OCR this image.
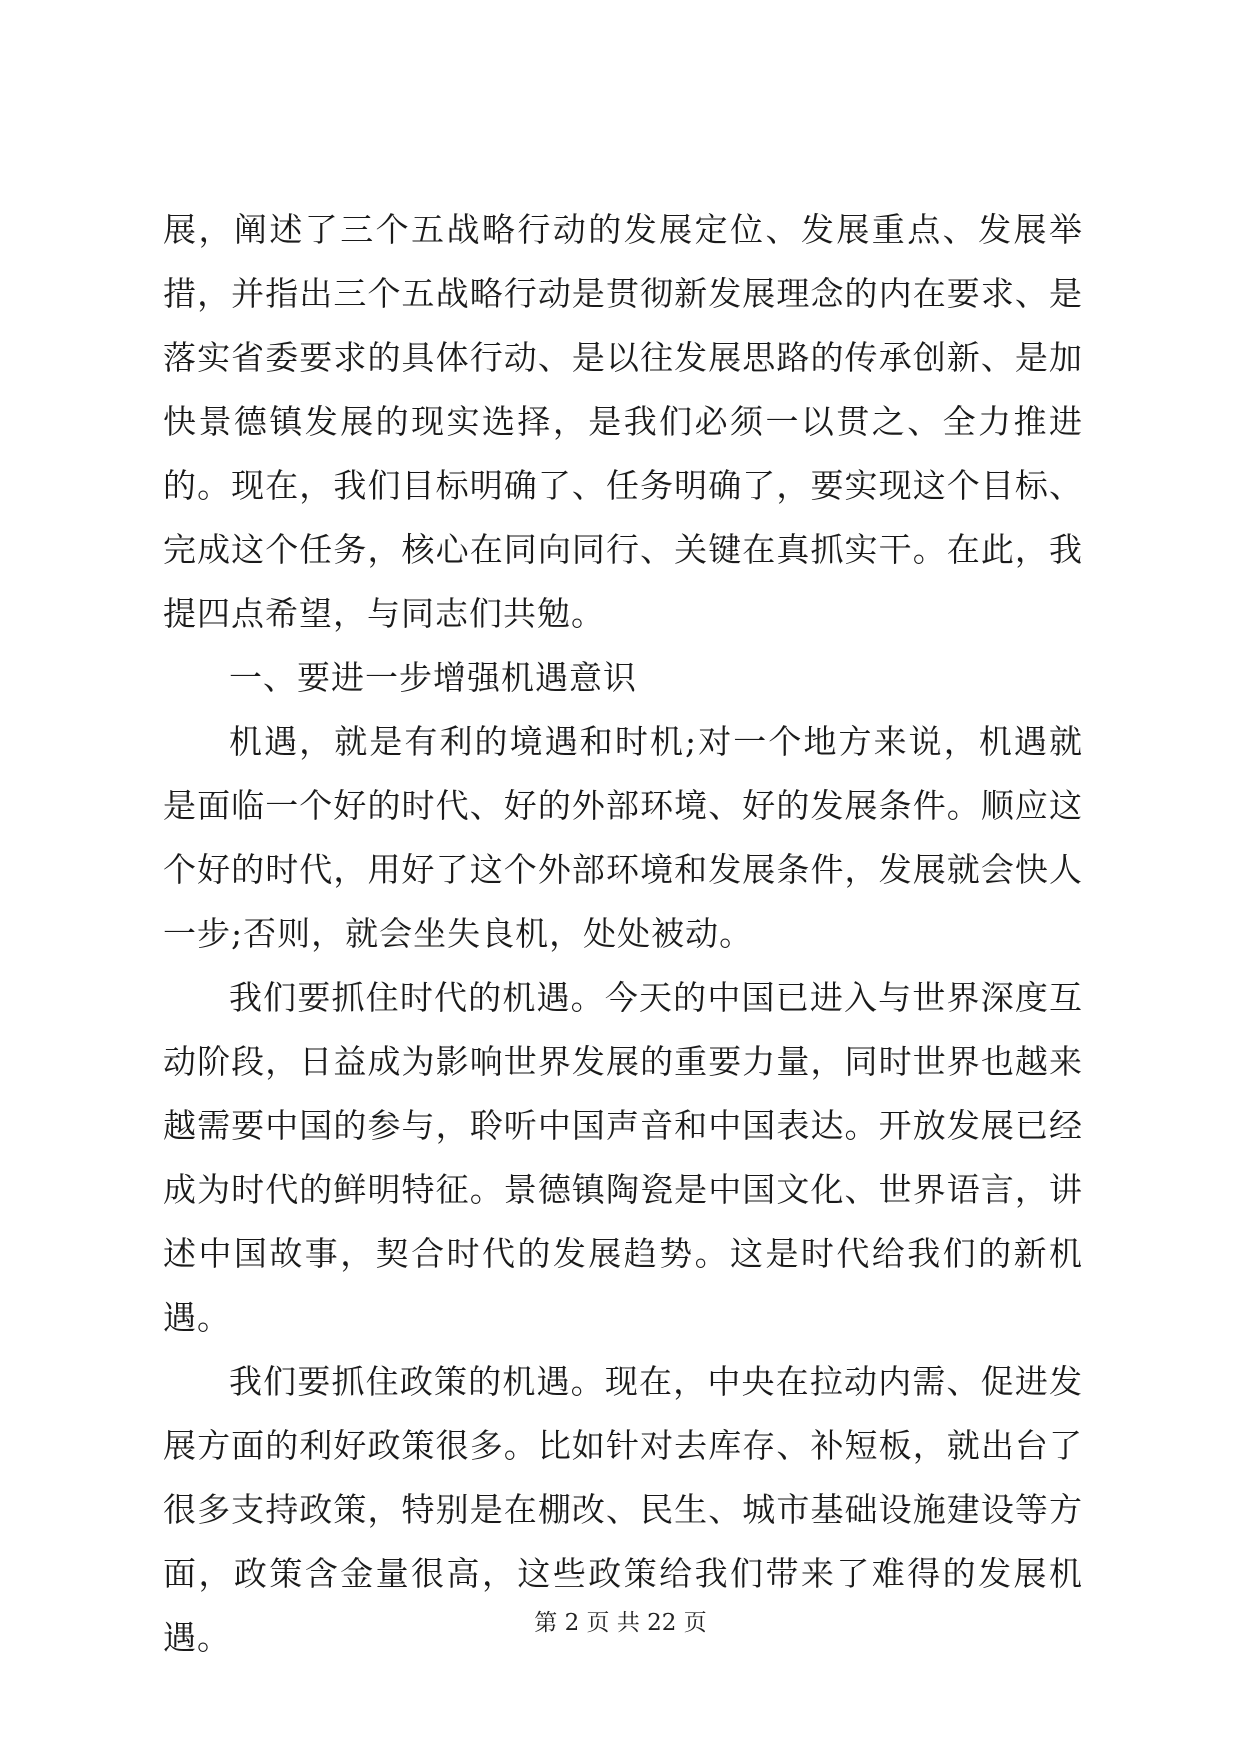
展，阐述了三个五战略行动的发展定位、发展重点、发展举措，并指出三个五战略行动是贯彻新发展理念的内在要求、是落实省委要求的具体行动、是以往发展思路的传承创新、是加快景德镇发展的现实选择，是我们必须一以贯之、全力推进的。现在，我们目标明确了、任务明确了，要实现这个目标、完成这个任务，核心在同向同行、关键在真抓实干。在此，我提四点希望，与同志们共勉。

一、要进一步增强机遇意识

机遇，就是有利的境遇和时机;对一个地方来说，机遇就是面临一个好的时代、好的外部环境、好的发展条件。顺应这个好的时代，用好了这个外部环境和发展条件，发展就会快人一步;否则，就会坐失良机，处处被动。

我们要抓住时代的机遇。今天的中国已进入与世界深度互动阶段，日益成为影响世界发展的重要力量，同时世界也越来越需要中国的参与，聆听中国声音和中国表达。开放发展已经成为时代的鲜明特征。景德镇陶瓷是中国文化、世界语言，讲述中国故事，契合时代的发展趋势。这是时代给我们的新机遇。

我们要抓住政策的机遇。现在，中央在拉动内需、促进发展方面的利好政策很多。比如针对去库存、补短板，就出台了很多支持政策，特别是在棚改、民生、城市基础设施建设等方面，政策含金量很高，这些政策给我们带来了难得的发展机遇。	第 2 页 共 22 页
